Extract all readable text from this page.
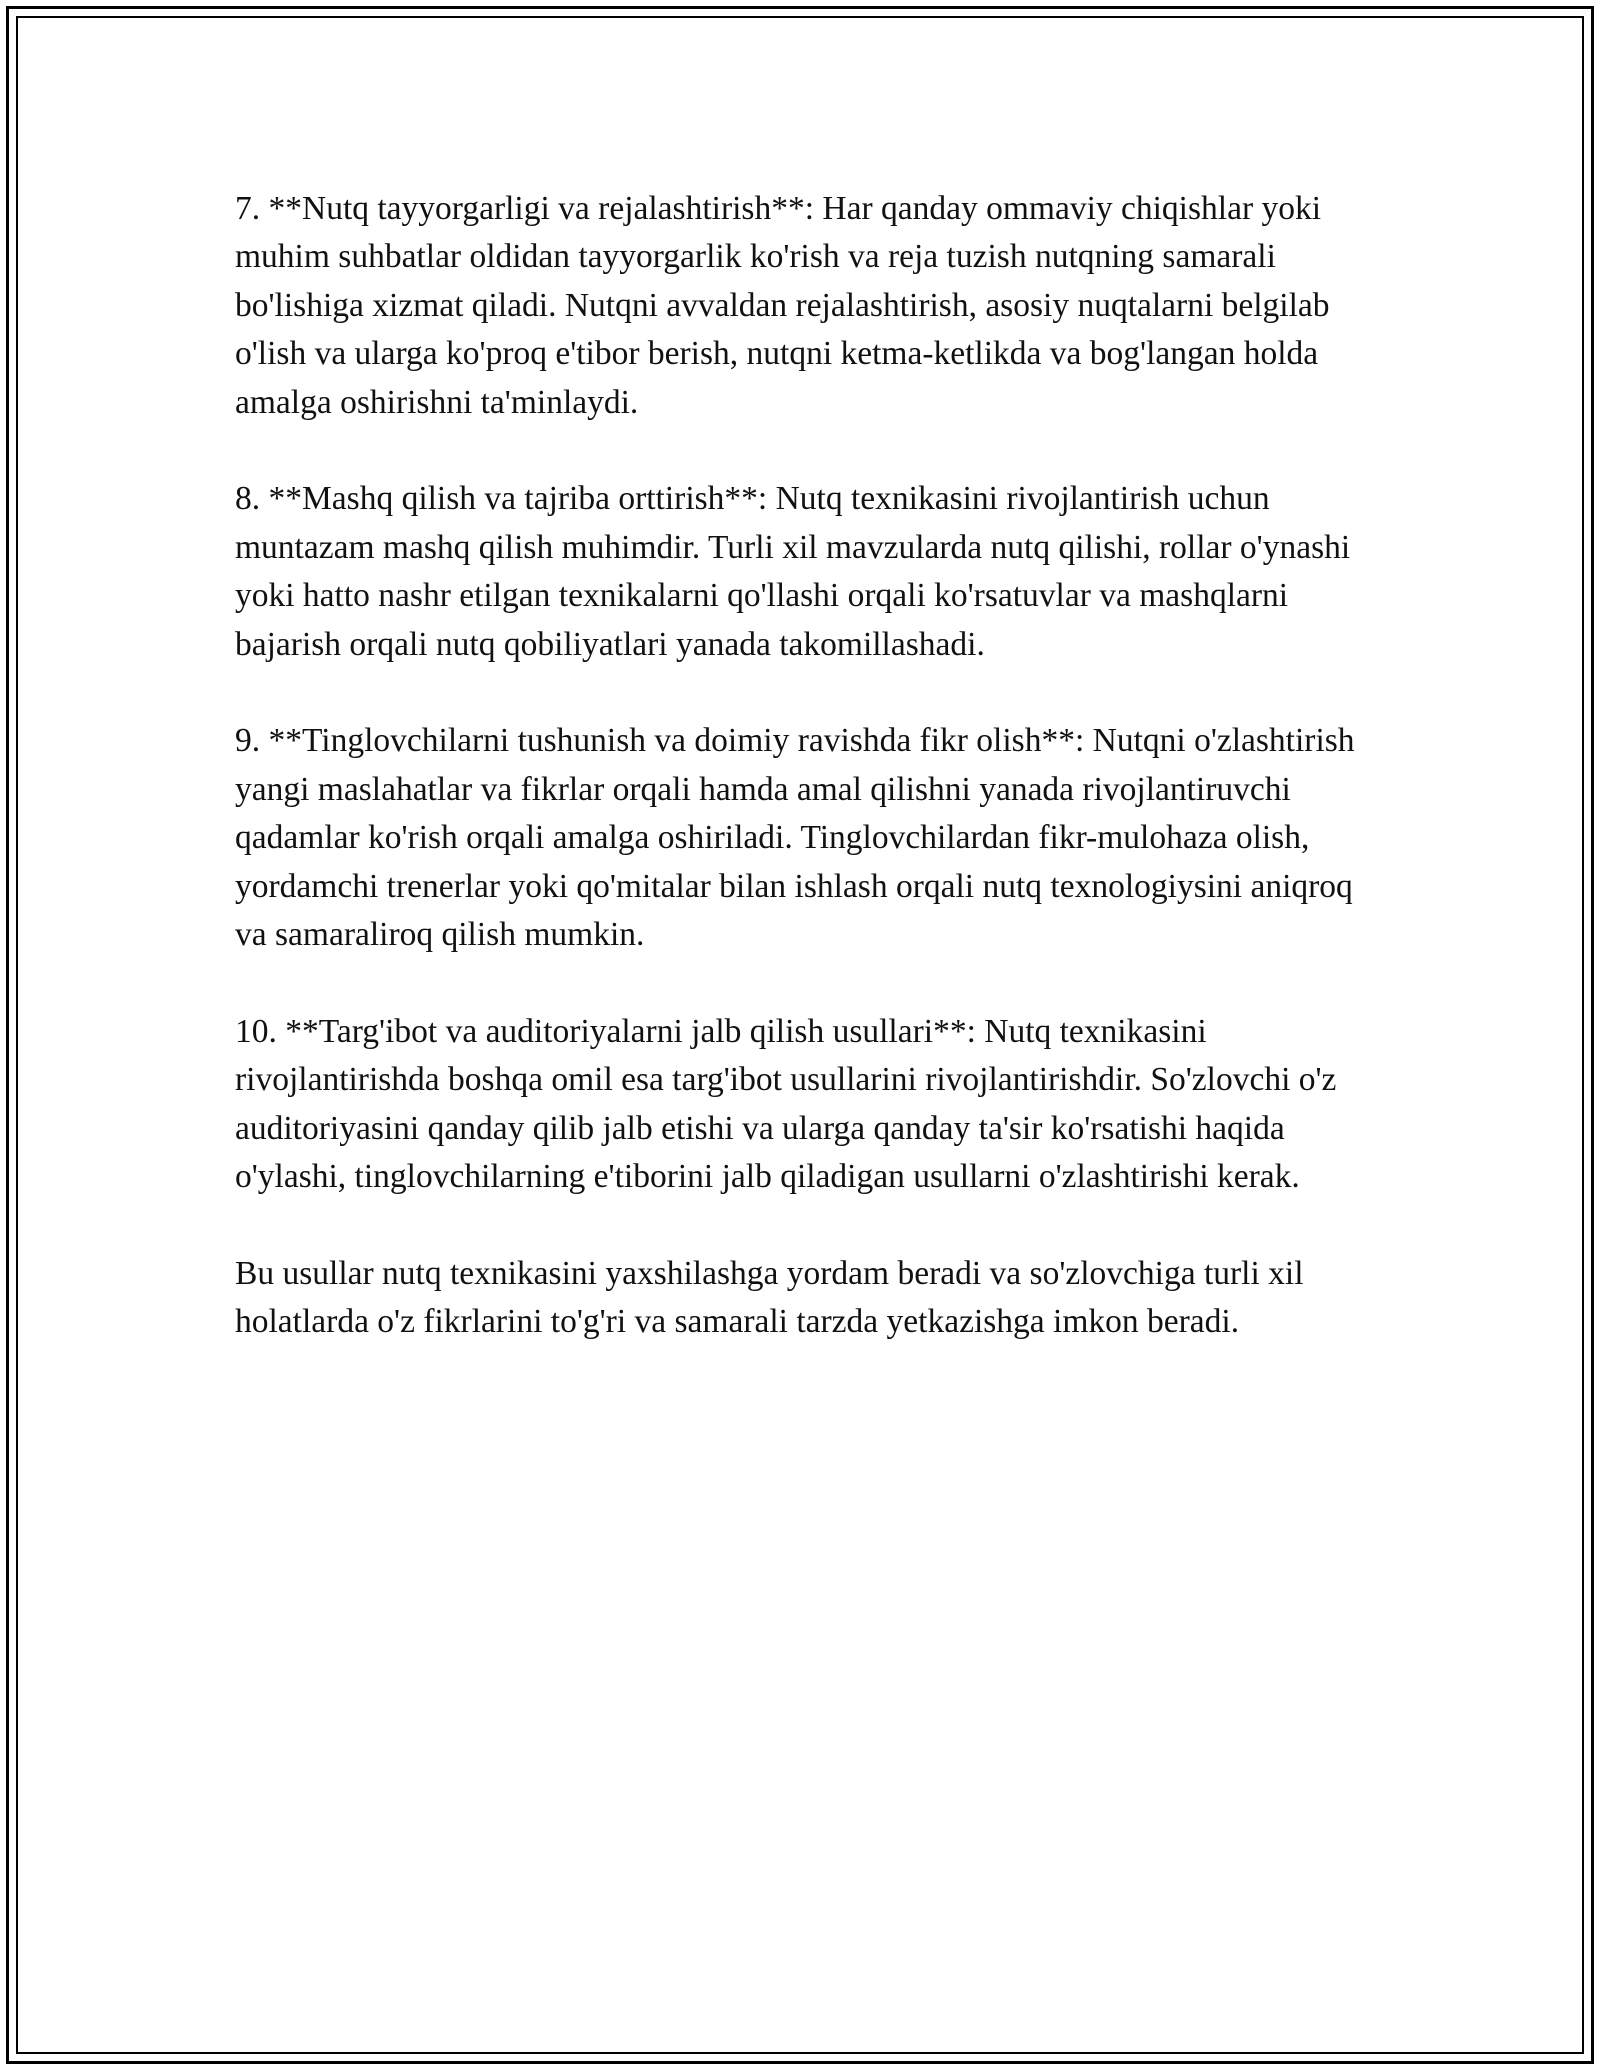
7. **Nutq tayyorgarligi va rejalashtirish**: Har qanday ommaviy chiqishlar yoki muhim suhbatlar oldidan tayyorgarlik ko'rish va reja tuzish nutqning samarali bo'lishiga xizmat qiladi. Nutqni avvaldan rejalashtirish, asosiy nuqtalarni belgilab o'lish va ularga ko'proq e'tibor berish, nutqni ketma-ketlikda va bog'langan holda amalga oshirishni ta'minlaydi.

8. **Mashq qilish va tajriba orttirish**: Nutq texnikasini rivojlantirish uchun muntazam mashq qilish muhimdir. Turli xil mavzularda nutq qilishi, rollar o'ynashi yoki hatto nashr etilgan texnikalarni qo'llashi orqali ko'rsatuvlar va mashqlarni bajarish orqali nutq qobiliyatlari yanada takomillashadi.

9. **Tinglovchilarni tushunish va doimiy ravishda fikr olish**: Nutqni o'zlashtirish yangi maslahatlar va fikrlar orqali hamda amal qilishni yanada rivojlantiruvchi qadamlar ko'rish orqali amalga oshiriladi. Tinglovchilardan fikr-mulohaza olish, yordamchi trenerlar yoki qo'mitalar bilan ishlash orqali nutq texnologiysini aniqroq va samaraliroq qilish mumkin.

10. **Targ'ibot va auditoriyalarni jalb qilish usullari**: Nutq texnikasini rivojlantirishda boshqa omil esa targ'ibot usullarini rivojlantirishdir. So'zlovchi o'z auditoriyasini qanday qilib jalb etishi va ularga qanday ta'sir ko'rsatishi haqida o'ylashi, tinglovchilarning e'tiborini jalb qiladigan usullarni o'zlashtirishi kerak.

Bu usullar nutq texnikasini yaxshilashga yordam beradi va so'zlovchiga turli xil holatlarda o'z fikrlarini to'g'ri va samarali tarzda yetkazishga imkon beradi.
